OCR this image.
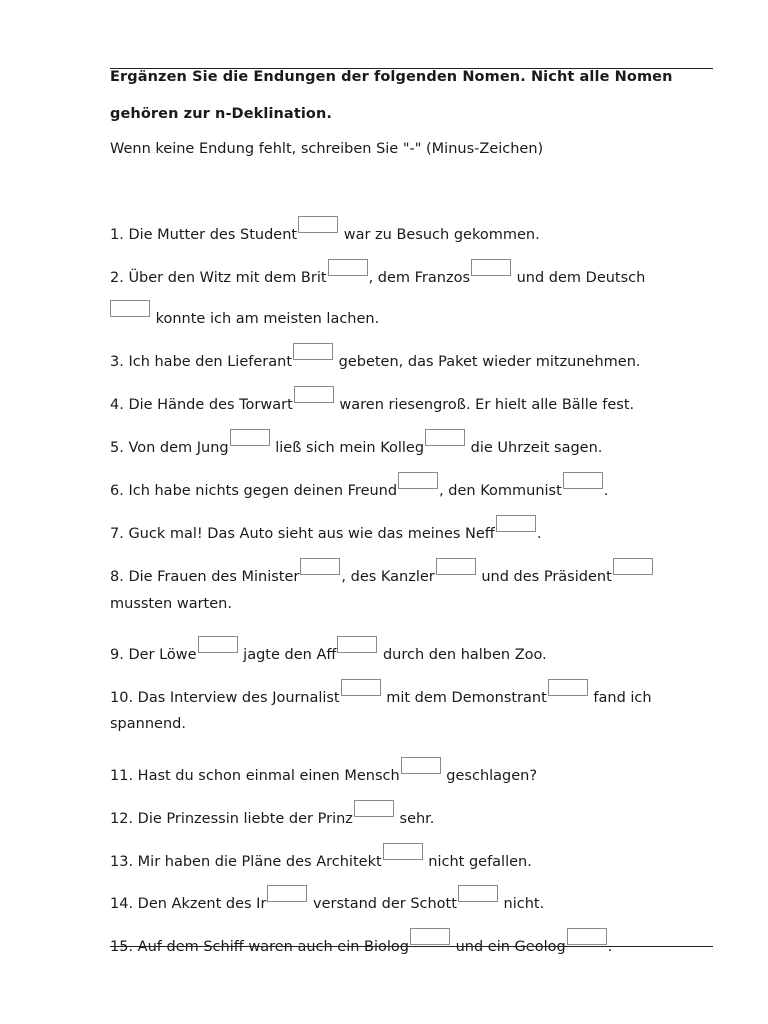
Ergänzen Sie die Endungen der folgenden Nomen. Nicht alle Nomen
gehören zur n-Deklination.
Wenn keine Endung fehlt, schreiben Sie "-" (Minus-Zeichen)
1. Die Mutter des Student	war zu Besuch gekommen.
2. Über den Witz mit dem Brit	, dem Franzos	und dem Deutsch
konnte ich am meisten lachen.
3. Ich habe den Lieferant	gebeten, das Paket wieder mitzunehmen.
4. Die Hände des Torwart	waren riesengroß. Er hielt alle Bälle fest.
5. Von dem Jung	ließ sich mein Kolleg	die Uhrzeit sagen.
6. Ich habe nichts gegen deinen Freund	, den Kommunist	.
7. Guck mal! Das Auto sieht aus wie das meines Neff	.
8. Die Frauen des Minister	, des Kanzler	und des Präsident
mussten warten.
9. Der Löwe	jagte den Aff	durch den halben Zoo.
10. Das Interview des Journalist	mit dem Demonstrant	fand ich
spannend.
11. Hast du schon einmal einen Mensch	geschlagen?
12. Die Prinzessin liebte der Prinz	sehr.
13. Mir haben die Pläne des Architekt	nicht gefallen.
14. Den Akzent des Ir	verstand der Schott	nicht.
15. Auf dem Schiff waren auch ein Biolog	und ein Geolog	.
